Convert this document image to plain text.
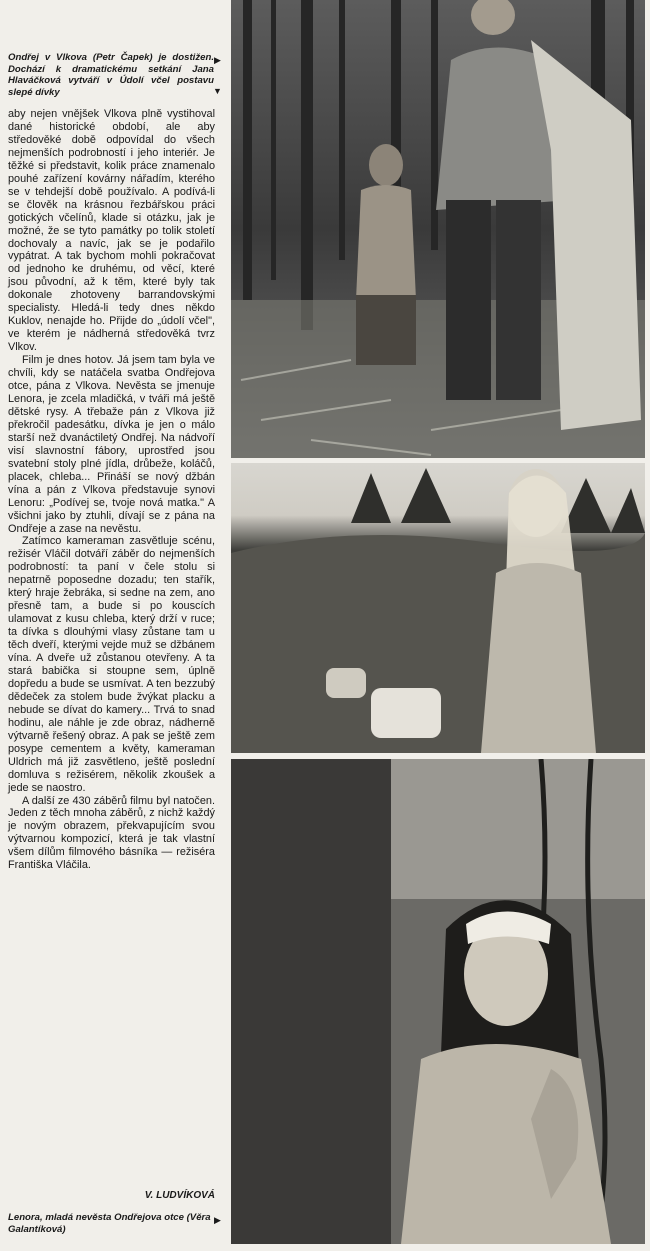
Ondřej v Vlkova (Petr Čapek) je dostižen. Dochází k dramatickému setkání Jana Hlaváčková vytváří v Údolí včel postavu slepé dívky

▶
▼

aby nejen vnějšek Vlkova plně vystihoval dané historické období, ale aby středověké době odpovídal do všech nejmenších podrobností i jeho interiér. Je těžké si představit, kolik práce znamenalo pouhé zařízení kovárny nářadím, kterého se v tehdejší době používalo. A podívá-li se člověk na krásnou řezbářskou práci gotických včelínů, klade si otázku, jak je možné, že se tyto památky po tolik století dochovaly a navíc, jak se je podařilo vypátrat. A tak bychom mohli pokračovat od jednoho ke druhému, od věcí, které jsou původní, až k těm, které byly tak dokonale zhotoveny barrandovskými specialisty. Hledá-li tedy dnes někdo Kuklov, nenajde ho. Přijde do „údolí včel", ve kterém je nádherná středověká tvrz Vlkov.

Film je dnes hotov. Já jsem tam byla ve chvíli, kdy se natáčela svatba Ondřejova otce, pána z Vlkova. Nevěsta se jmenuje Lenora, je zcela mladičká, v tváři má ještě dětské rysy. A třebaže pán z Vlkova již překročil padesátku, dívka je jen o málo starší než dvanáctiletý Ondřej. Na nádvoří visí slavnostní fábory, uprostřed jsou svatební stoly plné jídla, drůbeže, koláčů, placek, chleba... Přináší se nový džbán vína a pán z Vlkova představuje synovi Lenoru: „Podívej se, tvoje nová matka." A všichni jako by ztuhli, dívají se z pána na Ondřeje a zase na nevěstu.

Zatímco kameraman zasvětluje scénu, režisér Vláčil dotváří záběr do nejmenších podrobností: ta paní v čele stolu si nepatrně poposedne dozadu; ten stařík, který hraje žebráka, si sedne na zem, ano přesně tam, a bude si po kouscích ulamovat z kusu chleba, který drží v ruce; ta dívka s dlouhými vlasy zůstane tam u těch dveří, kterými vejde muž se džbánem vína. A dveře už zůstanou otevřeny. A ta stará babička si stoupne sem, úplně dopředu a bude se usmívat. A ten bezzubý dědeček za stolem bude žvýkat placku a nebude se dívat do kamery... Trvá to snad hodinu, ale náhle je zde obraz, nádherně výtvarně řešený obraz. A pak se ještě zem posype cementem a květy, kameraman Uldrich má již zasvětleno, ještě poslední domluva s režisérem, několik zkoušek a jede se naostro.

A další ze 430 záběrů filmu byl natočen. Jeden z těch mnoha záběrů, z nichž každý je novým obrazem, překvapujícím svou výtvarnou kompozicí, která je tak vlastní všem dílům filmového básníka — režiséra Františka Vláčila.

V. LUDVÍKOVÁ

Lenora, mladá nevěsta Ondřejova otce (Věra Galantíková)

▶
